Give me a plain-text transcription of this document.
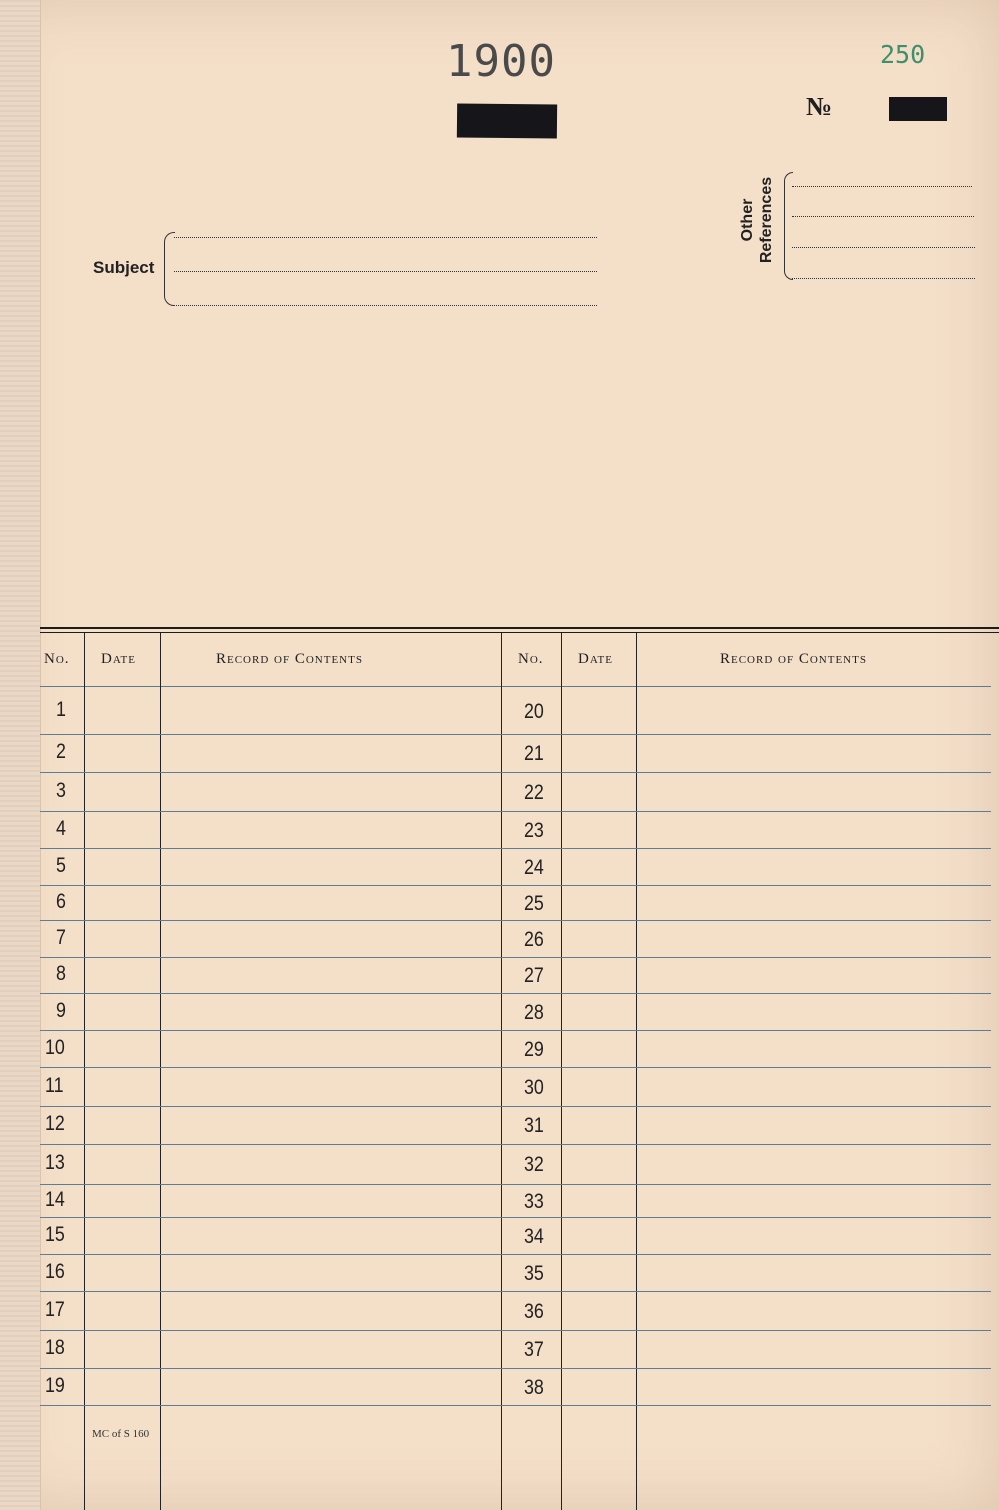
1900	250
№
Subject
Other References
No. Date	Record of Contents	No. Date	Record of Contents
1	20
2	21
3	22
4	23
5	24
6	25
7	26
8	27
9	28
10	29
11	30
12	31
13	32
14	33
15	34
16	35
17	36
18	37
19	38
MC of S 160
